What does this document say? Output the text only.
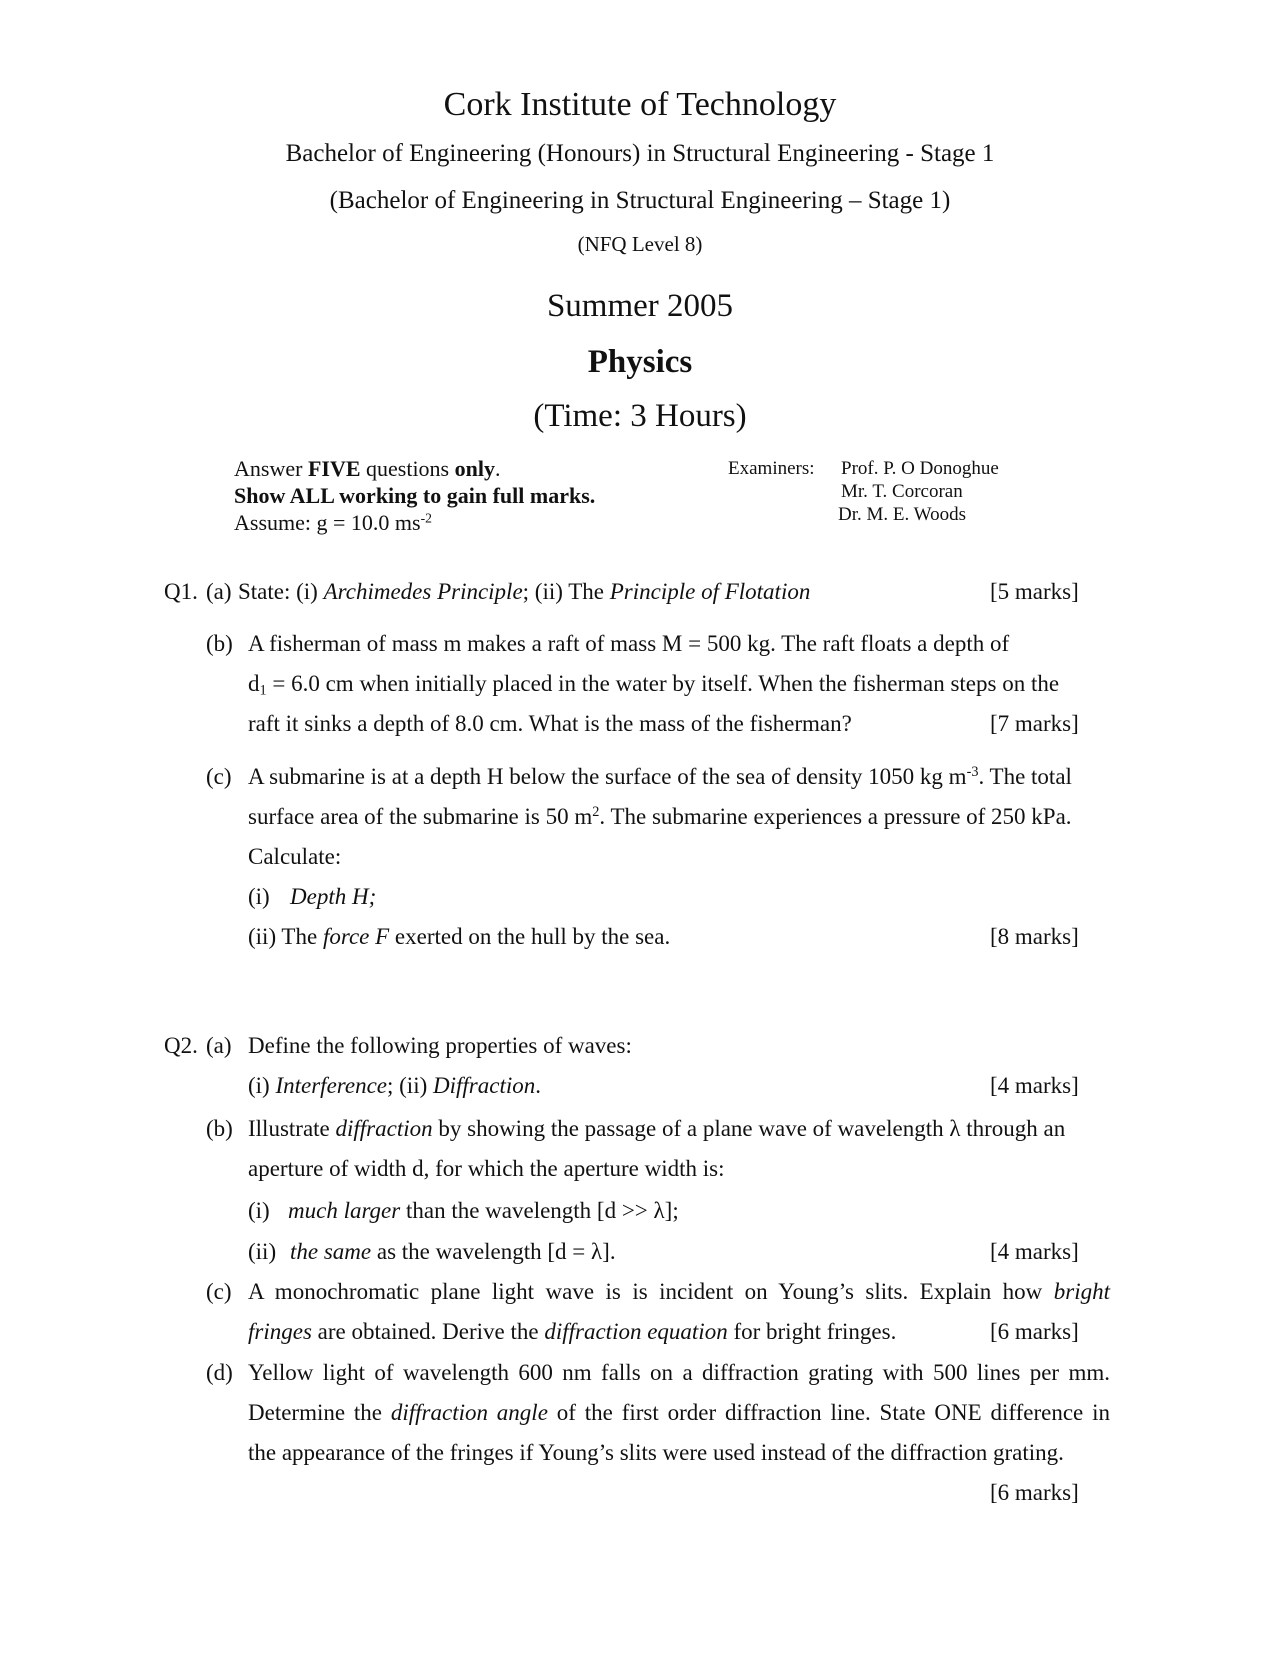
Cork Institute of Technology
Bachelor of Engineering (Honours) in Structural Engineering - Stage 1
(Bachelor of Engineering in Structural Engineering – Stage 1)
(NFQ Level 8)
Summer 2005
Physics
(Time: 3 Hours)
Answer FIVE questions only.
Show ALL working to gain full marks.
Assume: g = 10.0 $ms^{-2}$
Examiners: Prof. P. O Donoghue
Mr. T. Corcoran
Dr. M. E. Woods
Q1. (a) State: (i) Archimedes Principle; (ii) The Principle of Flotation	[5 marks]
(b) A fisherman of mass m makes a raft of mass M = 500 kg. The raft floats a depth of
$d_1 = 6.0$ cm when initially placed in the water by itself. When the fisherman steps on the
raft it sinks a depth of 8.0 cm. What is the mass of the fisherman?	[7 marks]
(c) A submarine is at a depth H below the surface of the sea of density 1050 kg $m^{-3}$. The total
surface area of the submarine is 50 $m^2$. The submarine experiences a pressure of 250 kPa.
Calculate:
(i) Depth H;
(ii) The force F exerted on the hull by the sea.	[8 marks]
Q2. (a) Define the following properties of waves:
(i) Interference; (ii) Diffraction.	[4 marks]
(b) Illustrate diffraction by showing the passage of a plane wave of wavelength λ through an
aperture of width d, for which the aperture width is:
(i) much larger than the wavelength [d >> λ];
(ii) the same as the wavelength [d = λ].	[4 marks]
(c) A monochromatic plane light wave is is incident on Young’s slits. Explain how bright
fringes are obtained. Derive the diffraction equation for bright fringes.	[6 marks]
(d) Yellow light of wavelength 600 nm falls on a diffraction grating with 500 lines per mm.
Determine the diffraction angle of the first order diffraction line. State ONE difference in
the appearance of the fringes if Young’s slits were used instead of the diffraction grating.
[6 marks]
